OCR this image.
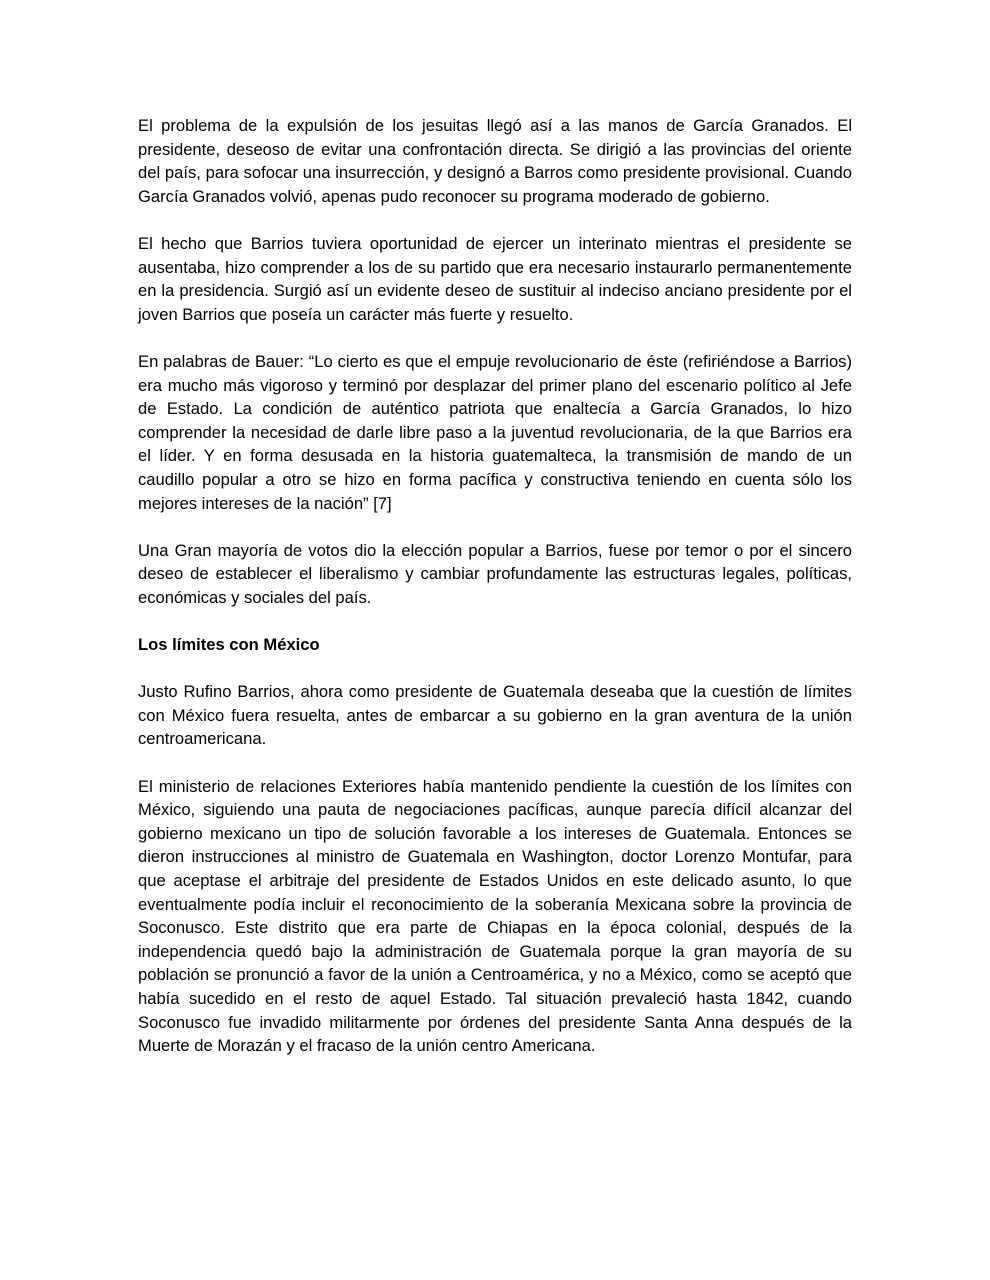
El problema de la expulsión de los jesuitas llegó así a las manos de García Granados. El presidente, deseoso de evitar una confrontación directa. Se dirigió a las provincias del oriente del país, para sofocar una insurrección, y designó a Barros como presidente provisional. Cuando García Granados volvió, apenas pudo reconocer su programa moderado de gobierno.

El hecho que Barrios tuviera oportunidad de ejercer un interinato mientras el presidente se ausentaba, hizo comprender a los de su partido que era necesario instaurarlo permanentemente en la presidencia. Surgió así un evidente deseo de sustituir al indeciso anciano presidente por el joven Barrios que poseía un carácter más fuerte y resuelto.

En palabras de Bauer: “Lo cierto es que el empuje revolucionario de éste (refiriéndose a Barrios) era mucho más vigoroso y terminó por desplazar del primer plano del escenario político al Jefe de Estado. La condición de auténtico patriota que enaltecía a García Granados, lo hizo comprender la necesidad de darle libre paso a la juventud revolucionaria, de la que Barrios era el líder. Y en forma desusada en la historia guatemalteca, la transmisión de mando de un caudillo popular a otro se hizo en forma pacífica y constructiva teniendo en cuenta sólo los mejores intereses de la nación” [7]

Una Gran mayoría de votos dio la elección popular a Barrios, fuese por temor o por el sincero deseo de establecer el liberalismo y cambiar profundamente las estructuras legales, políticas, económicas y sociales del país.

Los límites con México

Justo Rufino Barrios, ahora como presidente de Guatemala deseaba que la cuestión de límites con México fuera resuelta, antes de embarcar a su gobierno en la gran aventura de la unión centroamericana.

El ministerio de relaciones Exteriores había mantenido pendiente la cuestión de los límites con México, siguiendo una pauta de negociaciones pacíficas, aunque parecía difícil alcanzar del gobierno mexicano un tipo de solución favorable a los intereses de Guatemala. Entonces se dieron instrucciones al ministro de Guatemala en Washington, doctor Lorenzo Montufar, para que aceptase el arbitraje del presidente de Estados Unidos en este delicado asunto, lo que eventualmente podía incluir el reconocimiento de la soberanía Mexicana sobre la provincia de Soconusco. Este distrito que era parte de Chiapas en la época colonial, después de la independencia quedó bajo la administración de Guatemala porque la gran mayoría de su población se pronunció a favor de la unión a Centroamérica, y no a México, como se aceptó que había sucedido en el resto de aquel Estado. Tal situación prevaleció hasta 1842, cuando Soconusco fue invadido militarmente por órdenes del presidente Santa Anna después de la Muerte de Morazán y el fracaso de la unión centro Americana.
